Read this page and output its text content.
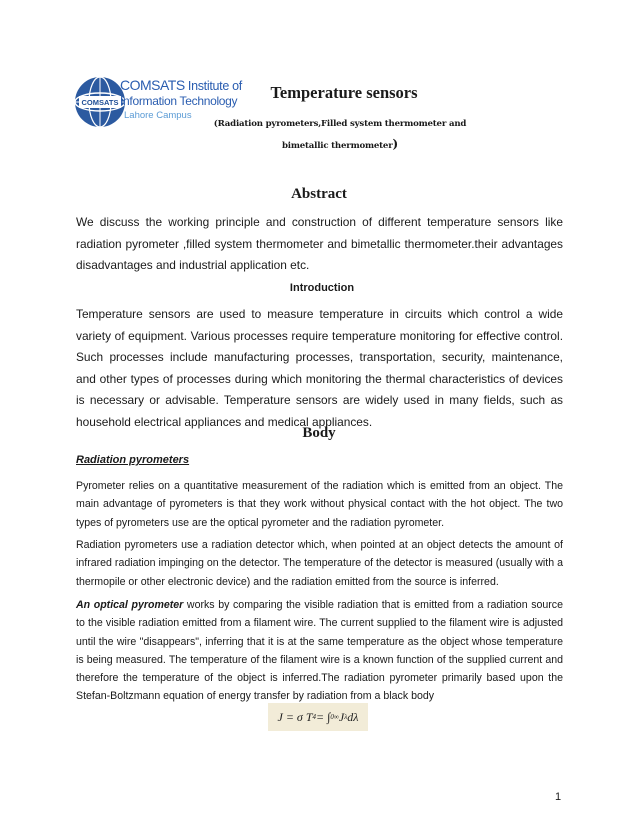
COMSATS
COMSATS Institute of
Information Technology
Lahore Campus
Temperature sensors
(Radiation pyrometers,Filled system thermometer and
bimetallic thermometer)
Abstract
We discuss the working principle and construction of different temperature sensors like radiation pyrometer ,filled system thermometer and bimetallic thermometer.their advantages disadvantages and industrial application etc.
Introduction
Temperature sensors are used to measure temperature in circuits which control a wide variety of equipment. Various processes require temperature monitoring for effective control. Such processes include manufacturing processes, transportation, security, maintenance, and other types of processes during which monitoring the thermal characteristics of devices is necessary or advisable. Temperature sensors are widely used in many fields, such as household electrical appliances and medical appliances.
Body
Radiation pyrometers
Pyrometer relies on a quantitative measurement of the radiation which is emitted from an object. The main advantage of pyrometers is that they work without physical contact with the hot object. The two types of pyrometers use are the optical pyrometer and the radiation pyrometer.
Radiation pyrometers use a radiation detector which, when pointed at an object detects the amount of infrared radiation impinging on the detector. The temperature of the detector is measured (usually with a thermopile or other electronic device) and the radiation emitted from the source is inferred.
An optical pyrometer works by comparing the visible radiation that is emitted from a radiation source to the visible radiation emitted from a filament wire. The current supplied to the filament wire is adjusted until the wire "disappears", inferring that it is at the same temperature as the object whose temperature is being measured. The temperature of the filament wire is a known function of the supplied current and therefore the temperature of the object is inferred.The radiation pyrometer primarily based upon the Stefan-Boltzmann equation of energy transfer by radiation from a black body
J = σ T 4 = ∫ 0 ∞ J λ dλ
1
